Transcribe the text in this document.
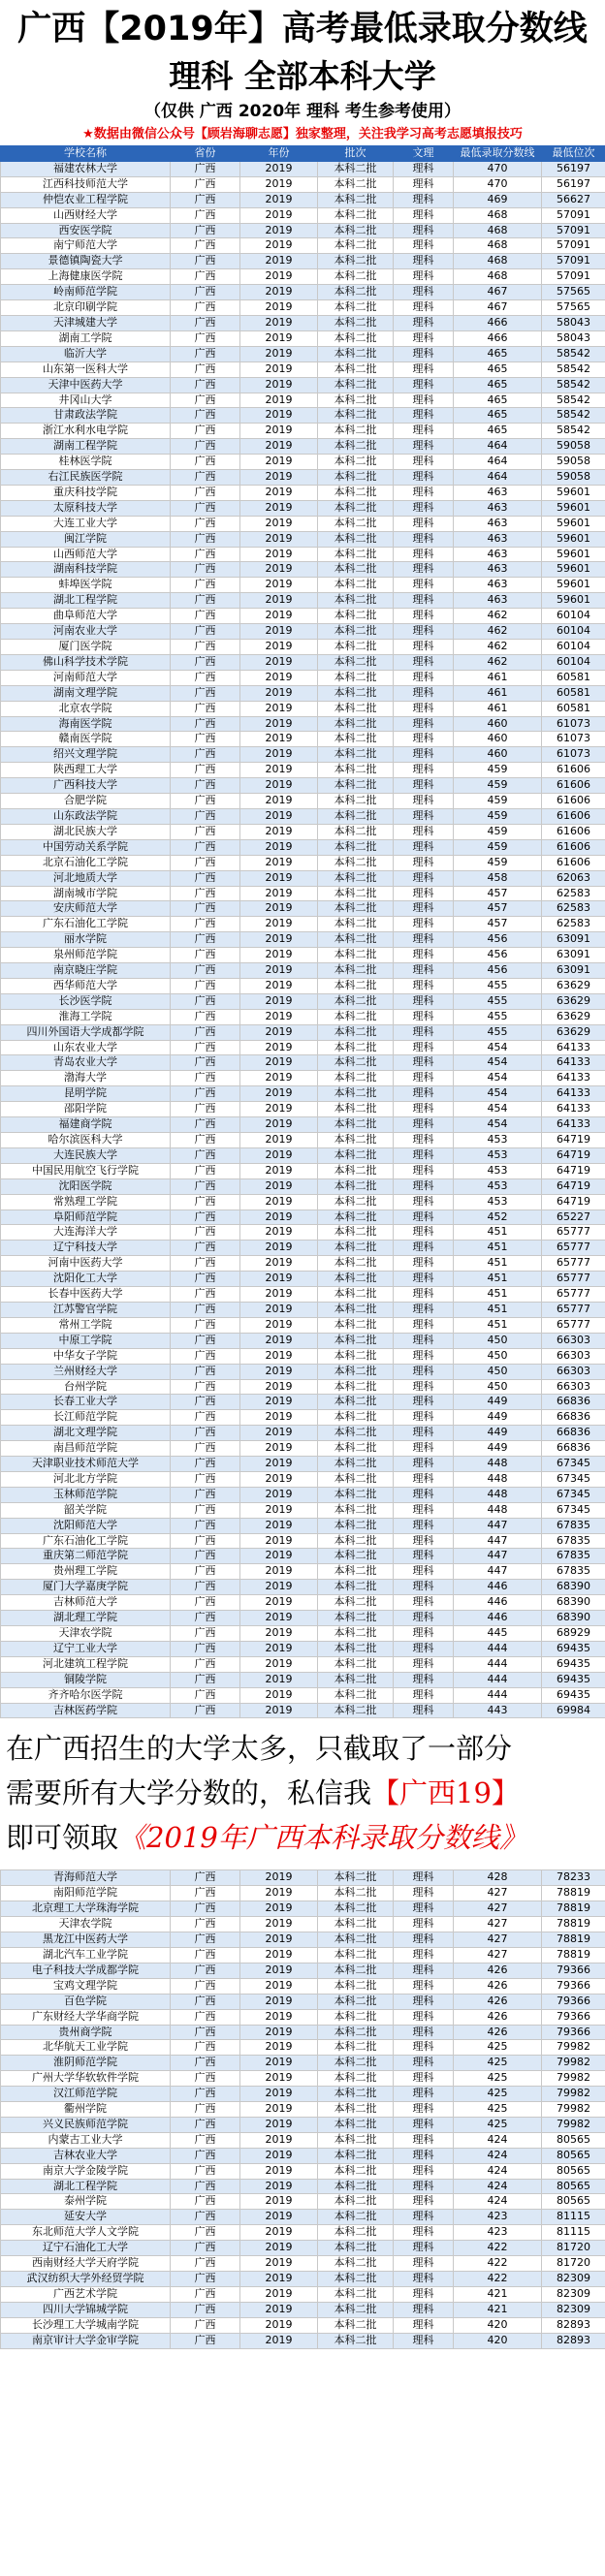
广西【2019年】高考最低录取分数线
理科 全部本科大学
（仅供 广西 2020年 理科 考生参考使用）
★数据由微信公众号【顾岩海聊志愿】独家整理，关注我学习高考志愿填报技巧
学校名称	省份	年份	批次	文理	最低录取分数线	最低位次
福建农林大学	广西	2019	本科二批	理科	470	56197
江西科技师范大学	广西	2019	本科二批	理科	470	56197
仲恺农业工程学院	广西	2019	本科二批	理科	469	56627
山西财经大学	广西	2019	本科二批	理科	468	57091
西安医学院	广西	2019	本科二批	理科	468	57091
南宁师范大学	广西	2019	本科二批	理科	468	57091
景德镇陶瓷大学	广西	2019	本科二批	理科	468	57091
上海健康医学院	广西	2019	本科二批	理科	468	57091
岭南师范学院	广西	2019	本科二批	理科	467	57565
北京印刷学院	广西	2019	本科二批	理科	467	57565
天津城建大学	广西	2019	本科二批	理科	466	58043
湖南工学院	广西	2019	本科二批	理科	466	58043
临沂大学	广西	2019	本科二批	理科	465	58542
山东第一医科大学	广西	2019	本科二批	理科	465	58542
天津中医药大学	广西	2019	本科二批	理科	465	58542
井冈山大学	广西	2019	本科二批	理科	465	58542
甘肃政法学院	广西	2019	本科二批	理科	465	58542
浙江水利水电学院	广西	2019	本科二批	理科	465	58542
湖南工程学院	广西	2019	本科二批	理科	464	59058
桂林医学院	广西	2019	本科二批	理科	464	59058
右江民族医学院	广西	2019	本科二批	理科	464	59058
重庆科技学院	广西	2019	本科二批	理科	463	59601
太原科技大学	广西	2019	本科二批	理科	463	59601
大连工业大学	广西	2019	本科二批	理科	463	59601
闽江学院	广西	2019	本科二批	理科	463	59601
山西师范大学	广西	2019	本科二批	理科	463	59601
湖南科技学院	广西	2019	本科二批	理科	463	59601
蚌埠医学院	广西	2019	本科二批	理科	463	59601
湖北工程学院	广西	2019	本科二批	理科	463	59601
曲阜师范大学	广西	2019	本科二批	理科	462	60104
河南农业大学	广西	2019	本科二批	理科	462	60104
厦门医学院	广西	2019	本科二批	理科	462	60104
佛山科学技术学院	广西	2019	本科二批	理科	462	60104
河南师范大学	广西	2019	本科二批	理科	461	60581
湖南文理学院	广西	2019	本科二批	理科	461	60581
北京农学院	广西	2019	本科二批	理科	461	60581
海南医学院	广西	2019	本科二批	理科	460	61073
赣南医学院	广西	2019	本科二批	理科	460	61073
绍兴文理学院	广西	2019	本科二批	理科	460	61073
陕西理工大学	广西	2019	本科二批	理科	459	61606
广西科技大学	广西	2019	本科二批	理科	459	61606
合肥学院	广西	2019	本科二批	理科	459	61606
山东政法学院	广西	2019	本科二批	理科	459	61606
湖北民族大学	广西	2019	本科二批	理科	459	61606
中国劳动关系学院	广西	2019	本科二批	理科	459	61606
北京石油化工学院	广西	2019	本科二批	理科	459	61606
河北地质大学	广西	2019	本科二批	理科	458	62063
湖南城市学院	广西	2019	本科二批	理科	457	62583
安庆师范大学	广西	2019	本科二批	理科	457	62583
广东石油化工学院	广西	2019	本科二批	理科	457	62583
丽水学院	广西	2019	本科二批	理科	456	63091
泉州师范学院	广西	2019	本科二批	理科	456	63091
南京晓庄学院	广西	2019	本科二批	理科	456	63091
西华师范大学	广西	2019	本科二批	理科	455	63629
长沙医学院	广西	2019	本科二批	理科	455	63629
淮海工学院	广西	2019	本科二批	理科	455	63629
四川外国语大学成都学院	广西	2019	本科二批	理科	455	63629
山东农业大学	广西	2019	本科二批	理科	454	64133
青岛农业大学	广西	2019	本科二批	理科	454	64133
渤海大学	广西	2019	本科二批	理科	454	64133
昆明学院	广西	2019	本科二批	理科	454	64133
邵阳学院	广西	2019	本科二批	理科	454	64133
福建商学院	广西	2019	本科二批	理科	454	64133
哈尔滨医科大学	广西	2019	本科二批	理科	453	64719
大连民族大学	广西	2019	本科二批	理科	453	64719
中国民用航空飞行学院	广西	2019	本科二批	理科	453	64719
沈阳医学院	广西	2019	本科二批	理科	453	64719
常熟理工学院	广西	2019	本科二批	理科	453	64719
阜阳师范学院	广西	2019	本科二批	理科	452	65227
大连海洋大学	广西	2019	本科二批	理科	451	65777
辽宁科技大学	广西	2019	本科二批	理科	451	65777
河南中医药大学	广西	2019	本科二批	理科	451	65777
沈阳化工大学	广西	2019	本科二批	理科	451	65777
长春中医药大学	广西	2019	本科二批	理科	451	65777
江苏警官学院	广西	2019	本科二批	理科	451	65777
常州工学院	广西	2019	本科二批	理科	451	65777
中原工学院	广西	2019	本科二批	理科	450	66303
中华女子学院	广西	2019	本科二批	理科	450	66303
兰州财经大学	广西	2019	本科二批	理科	450	66303
台州学院	广西	2019	本科二批	理科	450	66303
长春工业大学	广西	2019	本科二批	理科	449	66836
长江师范学院	广西	2019	本科二批	理科	449	66836
湖北文理学院	广西	2019	本科二批	理科	449	66836
南昌师范学院	广西	2019	本科二批	理科	449	66836
天津职业技术师范大学	广西	2019	本科二批	理科	448	67345
河北北方学院	广西	2019	本科二批	理科	448	67345
玉林师范学院	广西	2019	本科二批	理科	448	67345
韶关学院	广西	2019	本科二批	理科	448	67345
沈阳师范大学	广西	2019	本科二批	理科	447	67835
广东石油化工学院	广西	2019	本科二批	理科	447	67835
重庆第二师范学院	广西	2019	本科二批	理科	447	67835
贵州理工学院	广西	2019	本科二批	理科	447	67835
厦门大学嘉庚学院	广西	2019	本科二批	理科	446	68390
吉林师范大学	广西	2019	本科二批	理科	446	68390
湖北理工学院	广西	2019	本科二批	理科	446	68390
天津农学院	广西	2019	本科二批	理科	445	68929
辽宁工业大学	广西	2019	本科二批	理科	444	69435
河北建筑工程学院	广西	2019	本科二批	理科	444	69435
铜陵学院	广西	2019	本科二批	理科	444	69435
齐齐哈尔医学院	广西	2019	本科二批	理科	444	69435
吉林医药学院	广西	2019	本科二批	理科	443	69984
在广西招生的大学太多，只截取了一部分
需要所有大学分数的，私信我【广西19】
即可领取《2019年广西本科录取分数线》
青海师范大学	广西	2019	本科二批	理科	428	78233
南阳师范学院	广西	2019	本科二批	理科	427	78819
北京理工大学珠海学院	广西	2019	本科二批	理科	427	78819
天津农学院	广西	2019	本科二批	理科	427	78819
黑龙江中医药大学	广西	2019	本科二批	理科	427	78819
湖北汽车工业学院	广西	2019	本科二批	理科	427	78819
电子科技大学成都学院	广西	2019	本科二批	理科	426	79366
宝鸡文理学院	广西	2019	本科二批	理科	426	79366
百色学院	广西	2019	本科二批	理科	426	79366
广东财经大学华商学院	广西	2019	本科二批	理科	426	79366
贵州商学院	广西	2019	本科二批	理科	426	79366
北华航天工业学院	广西	2019	本科二批	理科	425	79982
淮阴师范学院	广西	2019	本科二批	理科	425	79982
广州大学华软软件学院	广西	2019	本科二批	理科	425	79982
汉江师范学院	广西	2019	本科二批	理科	425	79982
衢州学院	广西	2019	本科二批	理科	425	79982
兴义民族师范学院	广西	2019	本科二批	理科	425	79982
内蒙古工业大学	广西	2019	本科二批	理科	424	80565
吉林农业大学	广西	2019	本科二批	理科	424	80565
南京大学金陵学院	广西	2019	本科二批	理科	424	80565
湖北工程学院	广西	2019	本科二批	理科	424	80565
泰州学院	广西	2019	本科二批	理科	424	80565
延安大学	广西	2019	本科二批	理科	423	81115
东北师范大学人文学院	广西	2019	本科二批	理科	423	81115
辽宁石油化工大学	广西	2019	本科二批	理科	422	81720
西南财经大学天府学院	广西	2019	本科二批	理科	422	81720
武汉纺织大学外经贸学院	广西	2019	本科二批	理科	422	82309
广西艺术学院	广西	2019	本科二批	理科	421	82309
四川大学锦城学院	广西	2019	本科二批	理科	421	82309
长沙理工大学城南学院	广西	2019	本科二批	理科	420	82893
南京审计大学金审学院	广西	2019	本科二批	理科	420	82893
